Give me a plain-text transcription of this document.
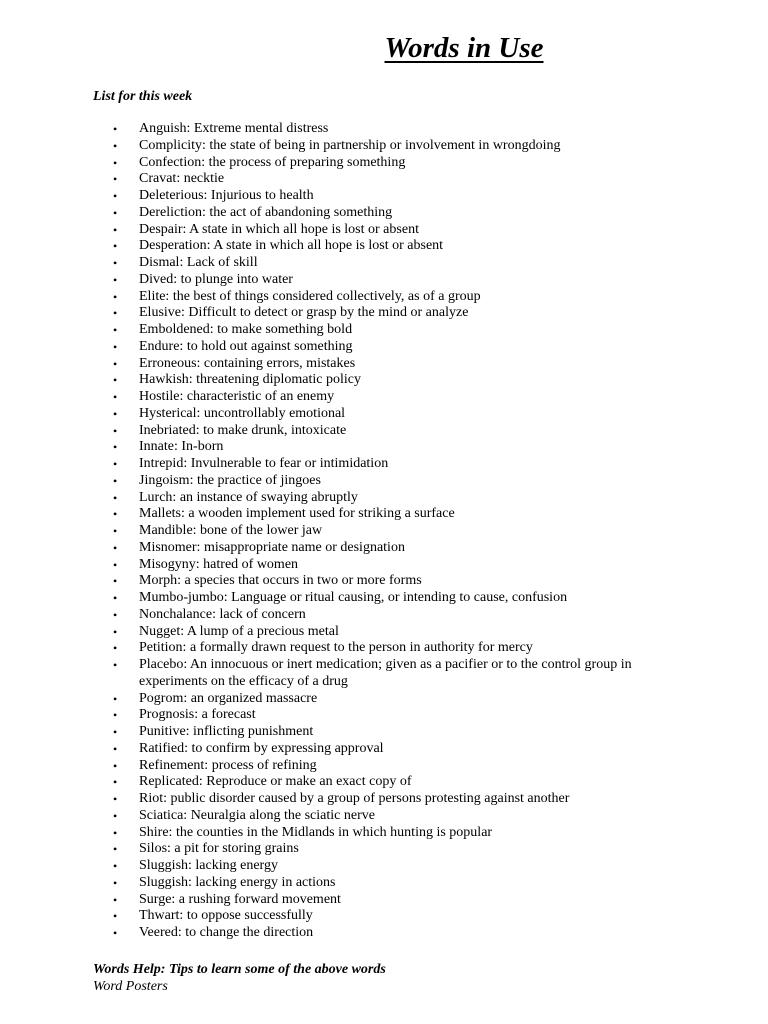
Words in Use

List for this week

• Anguish: Extreme mental distress
• Complicity: the state of being in partnership or involvement in wrongdoing
• Confection: the process of preparing something
• Cravat: necktie
• Deleterious: Injurious to health
• Dereliction: the act of abandoning something
• Despair: A state in which all hope is lost or absent
• Desperation: A state in which all hope is lost or absent
• Dismal: Lack of skill
• Dived: to plunge into water
• Elite: the best of things considered collectively, as of a group
• Elusive: Difficult to detect or grasp by the mind or analyze
• Emboldened: to make something bold
• Endure: to hold out against something
• Erroneous: containing errors, mistakes
• Hawkish: threatening diplomatic policy
• Hostile: characteristic of an enemy
• Hysterical: uncontrollably emotional
• Inebriated: to make drunk, intoxicate
• Innate: In-born
• Intrepid: Invulnerable to fear or intimidation
• Jingoism: the practice of jingoes
• Lurch: an instance of swaying abruptly
• Mallets: a wooden implement used for striking a surface
• Mandible: bone of the lower jaw
• Misnomer: misappropriate name or designation
• Misogyny: hatred of women
• Morph: a species that occurs in two or more forms
• Mumbo-jumbo: Language or ritual causing, or intending to cause, confusion
• Nonchalance: lack of concern
• Nugget: A lump of a precious metal
• Petition: a formally drawn request to the person in authority for mercy
• Placebo: An innocuous or inert medication; given as a pacifier or to the control group in experiments on the efficacy of a drug
• Pogrom: an organized massacre
• Prognosis: a forecast
• Punitive: inflicting punishment
• Ratified: to confirm by expressing approval
• Refinement: process of refining
• Replicated: Reproduce or make an exact copy of
• Riot: public disorder caused by a group of persons protesting against another
• Sciatica: Neuralgia along the sciatic nerve
• Shire: the counties in the Midlands in which hunting is popular
• Silos: a pit for storing grains
• Sluggish: lacking energy
• Sluggish: lacking energy in actions
• Surge: a rushing forward movement
• Thwart: to oppose successfully
• Veered: to change the direction

Words Help: Tips to learn some of the above words

Word Posters
